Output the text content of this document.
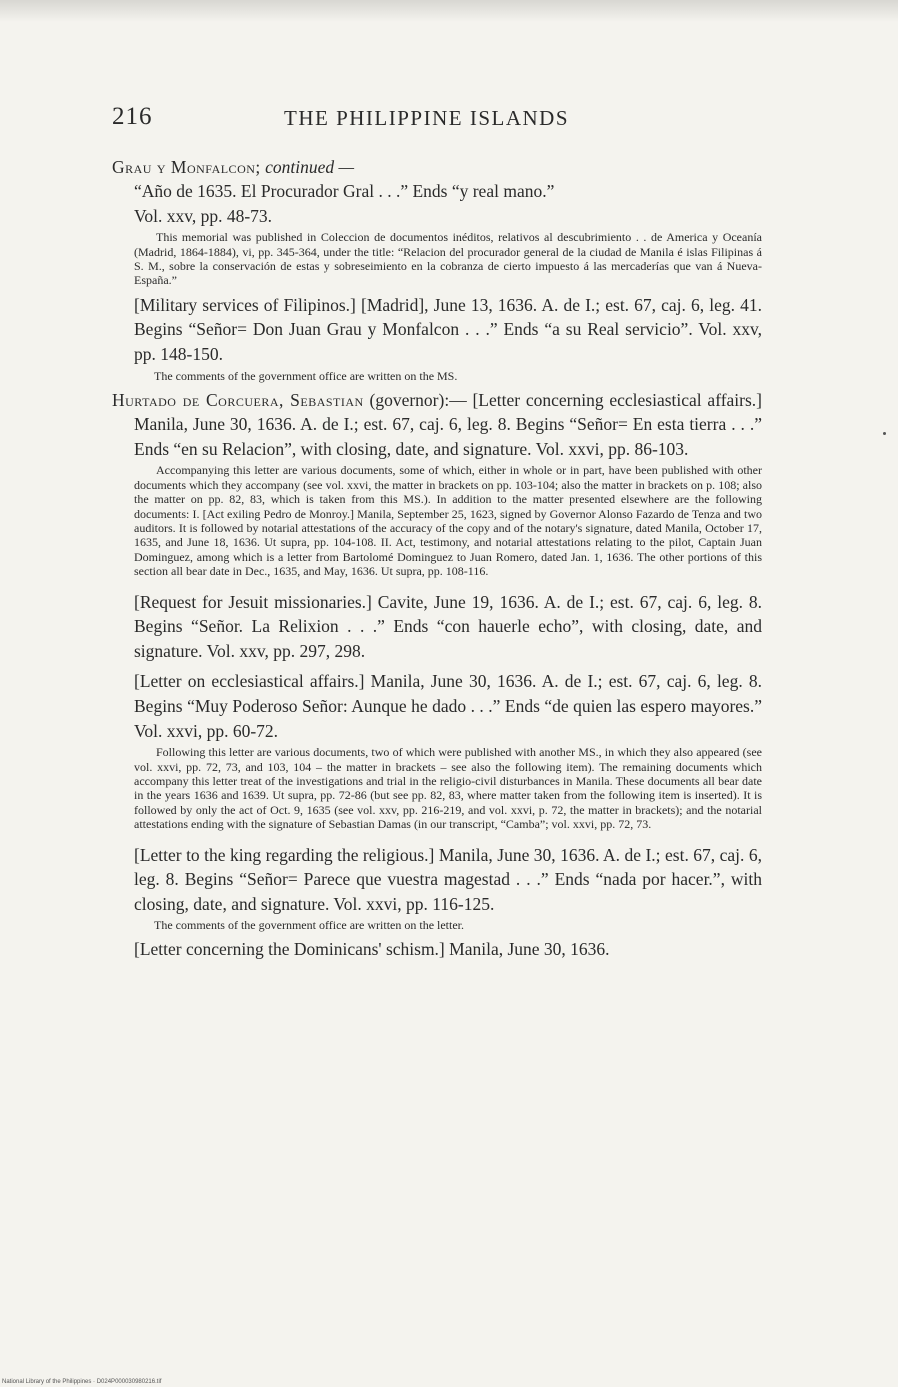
216	THE PHILIPPINE ISLANDS

Grau y Monfalcon; continued —

“Año de 1635. El Procurador Gral . . .” Ends “y real mano.”

Vol. xxv, pp. 48-73.

This memorial was published in Coleccion de documentos inéditos, relativos al descubrimiento . . de America y Oceanía (Madrid, 1864-1884), vi, pp. 345-364, under the title: “Relacion del procurador general de la ciudad de Manila é islas Filipinas á S. M., sobre la conservación de estas y sobreseimiento en la cobranza de cierto impuesto á las mercaderías que van á Nueva-España.”

[Military services of Filipinos.] [Madrid], June 13, 1636. A. de I.; est. 67, caj. 6, leg. 41. Begins “Señor= Don Juan Grau y Monfalcon . . .” Ends “a su Real servicio”. Vol. xxv, pp. 148-150.

The comments of the government office are written on the MS.

Hurtado de Corcuera, Sebastian (governor):— [Letter concerning ecclesiastical affairs.] Manila, June 30, 1636. A. de I.; est. 67, caj. 6, leg. 8. Begins “Señor= En esta tierra . . .” Ends “en su Relacion”, with closing, date, and signature. Vol. xxvi, pp. 86-103.

Accompanying this letter are various documents, some of which, either in whole or in part, have been published with other documents which they accompany (see vol. xxvi, the matter in brackets on pp. 103-104; also the matter in brackets on p. 108; also the matter on pp. 82, 83, which is taken from this MS.). In addition to the matter presented elsewhere are the following documents: I. [Act exiling Pedro de Monroy.] Manila, September 25, 1623, signed by Governor Alonso Fazardo de Tenza and two auditors. It is followed by notarial attestations of the accuracy of the copy and of the notary's signature, dated Manila, October 17, 1635, and June 18, 1636. Ut supra, pp. 104-108. II. Act, testimony, and notarial attestations relating to the pilot, Captain Juan Dominguez, among which is a letter from Bartolomé Dominguez to Juan Romero, dated Jan. 1, 1636. The other portions of this section all bear date in Dec., 1635, and May, 1636. Ut supra, pp. 108-116.

[Request for Jesuit missionaries.] Cavite, June 19, 1636. A. de I.; est. 67, caj. 6, leg. 8. Begins “Señor. La Relixion . . .” Ends “con hauerle echo”, with closing, date, and signature. Vol. xxv, pp. 297, 298.

[Letter on ecclesiastical affairs.] Manila, June 30, 1636. A. de I.; est. 67, caj. 6, leg. 8. Begins “Muy Poderoso Señor: Aunque he dado . . .” Ends “de quien las espero mayores.” Vol. xxvi, pp. 60-72.

Following this letter are various documents, two of which were published with another MS., in which they also appeared (see vol. xxvi, pp. 72, 73, and 103, 104 – the matter in brackets – see also the following item). The remaining documents which accompany this letter treat of the investigations and trial in the religio-civil disturbances in Manila. These documents all bear date in the years 1636 and 1639. Ut supra, pp. 72-86 (but see pp. 82, 83, where matter taken from the following item is inserted). It is followed by only the act of Oct. 9, 1635 (see vol. xxv, pp. 216-219, and vol. xxvi, p. 72, the matter in brackets); and the notarial attestations ending with the signature of Sebastian Damas (in our transcript, “Camba”; vol. xxvi, pp. 72, 73.

[Letter to the king regarding the religious.] Manila, June 30, 1636. A. de I.; est. 67, caj. 6, leg. 8. Begins “Señor= Parece que vuestra magestad . . .” Ends “nada por hacer.”, with closing, date, and signature. Vol. xxvi, pp. 116-125.

The comments of the government office are written on the letter.

[Letter concerning the Dominicans' schism.] Manila, June 30, 1636.

National Library of the Philippines · D024P000030980216.tif
